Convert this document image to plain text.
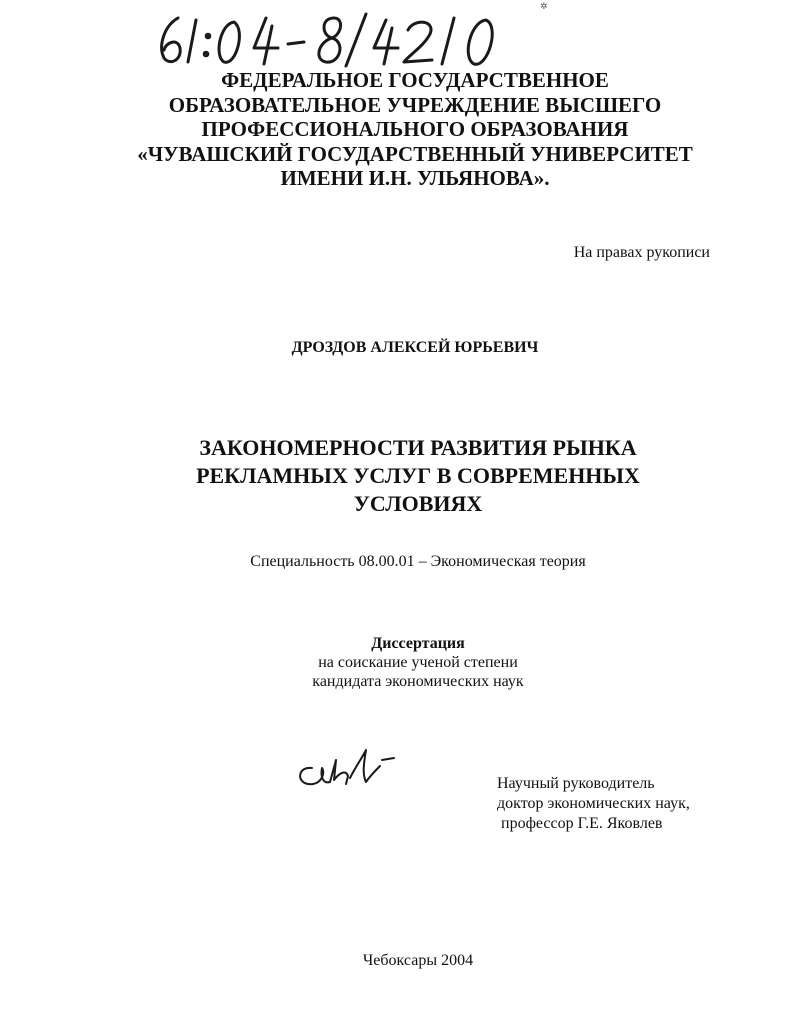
✲
ФЕДЕРАЛЬНОЕ ГОСУДАРСТВЕННОЕ
ОБРАЗОВАТЕЛЬНОЕ УЧРЕЖДЕНИЕ ВЫСШЕГО
ПРОФЕССИОНАЛЬНОГО ОБРАЗОВАНИЯ
«ЧУВАШСКИЙ ГОСУДАРСТВЕННЫЙ УНИВЕРСИТЕТ
ИМЕНИ И.Н. УЛЬЯНОВА».
На правах рукописи
ДРОЗДОВ АЛЕКСЕЙ ЮРЬЕВИЧ
ЗАКОНОМЕРНОСТИ РАЗВИТИЯ РЫНКА
РЕКЛАМНЫХ УСЛУГ В СОВРЕМЕННЫХ
УСЛОВИЯХ
Специальность 08.00.01 – Экономическая теория
Диссертация
на соискание ученой степени
кандидата экономических наук
Научный руководитель
доктор экономических наук,
профессор Г.Е. Яковлев
Чебоксары 2004
